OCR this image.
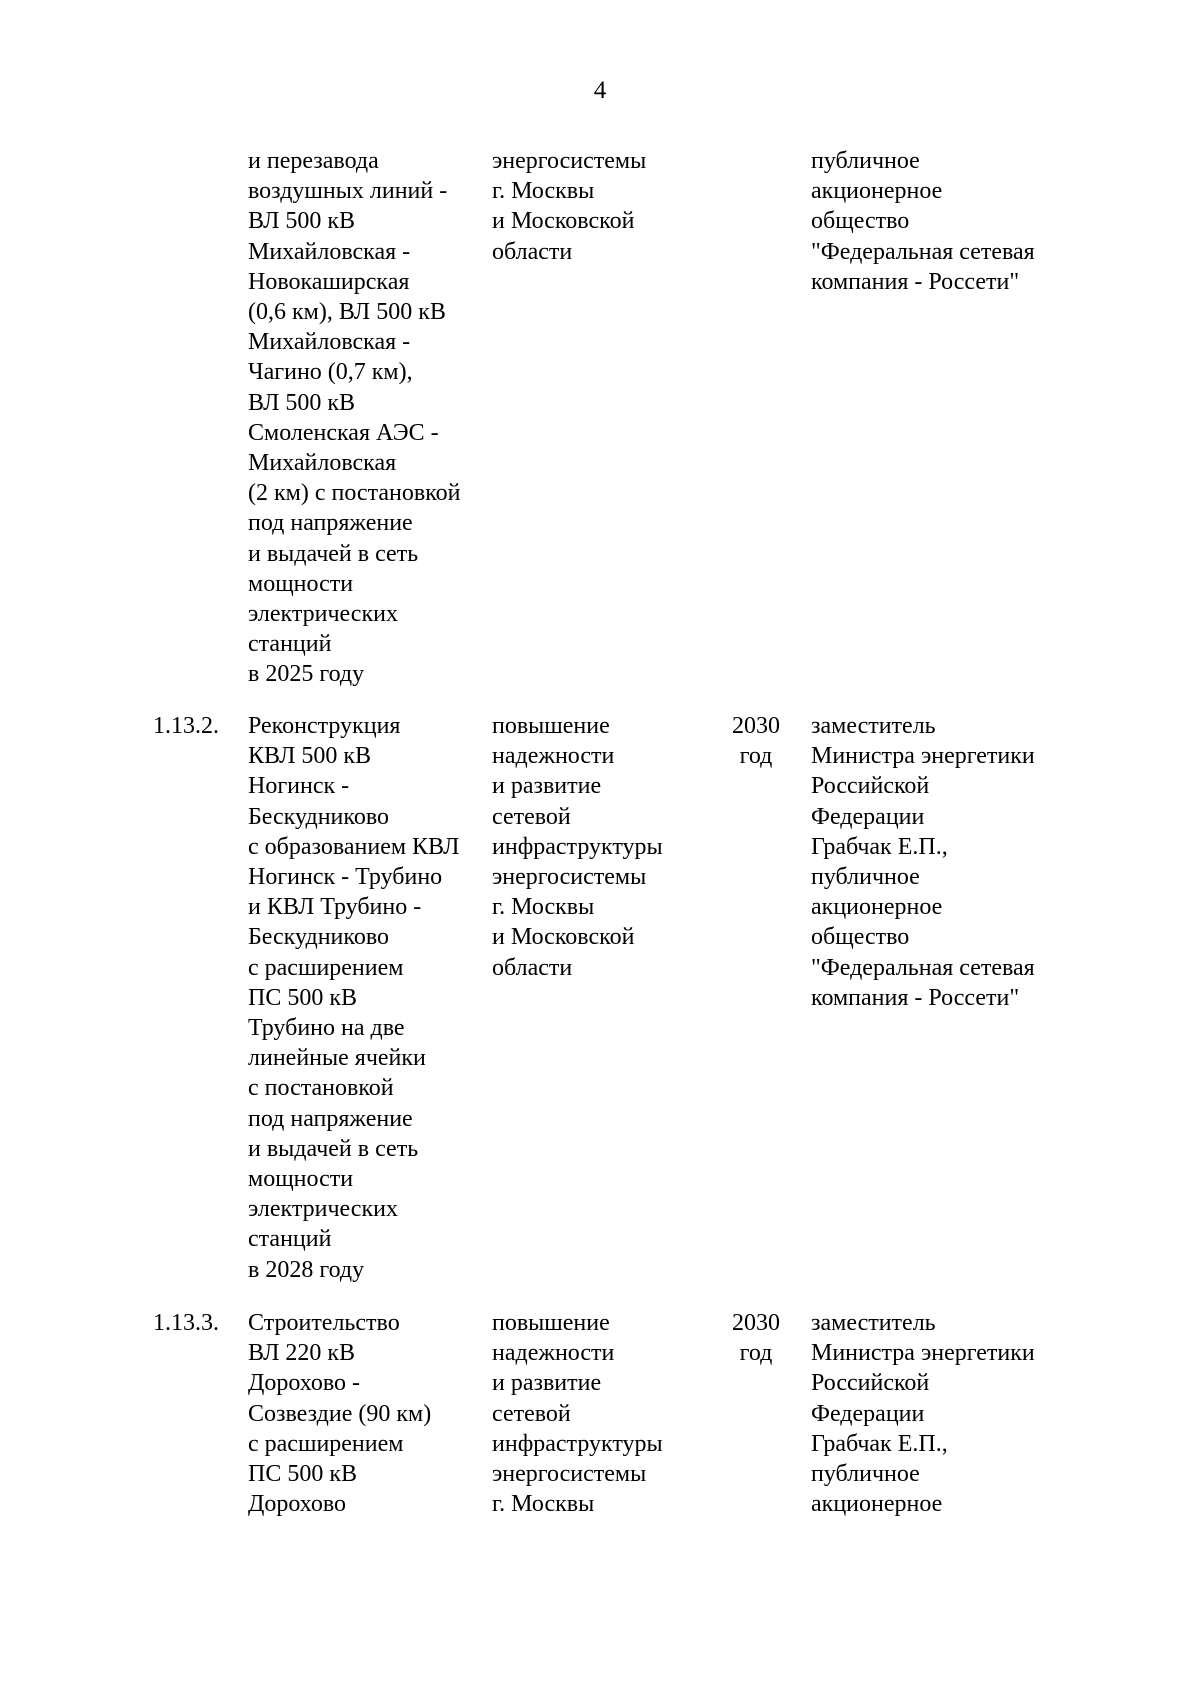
4
и перезавода
воздушных линий -
ВЛ 500 кВ
Михайловская -
Новокаширская
(0,6 км), ВЛ 500 кВ
Михайловская -
Чагино (0,7 км),
ВЛ 500 кВ
Смоленская АЭС -
Михайловская
(2 км) с постановкой
под напряжение
и выдачей в сеть
мощности
электрических
станций
в 2025 году
энергосистемы
г. Москвы
и Московской
области
публичное
акционерное
общество
"Федеральная сетевая
компания - Россети"
1.13.2.	Реконструкция
КВЛ 500 кВ
Ногинск -
Бескудниково
с образованием КВЛ
Ногинск - Трубино
и КВЛ Трубино -
Бескудниково
с расширением
ПС 500 кВ
Трубино на две
линейные ячейки
с постановкой
под напряжение
и выдачей в сеть
мощности
электрических
станций
в 2028 году
повышение
надежности
и развитие
сетевой
инфраструктуры
энергосистемы
г. Москвы
и Московской
области
2030
год
заместитель
Министра энергетики
Российской
Федерации
Грабчак Е.П.,
публичное
акционерное
общество
"Федеральная сетевая
компания - Россети"
1.13.3.	Строительство
ВЛ 220 кВ
Дорохово -
Созвездие (90 км)
с расширением
ПС 500 кВ
Дорохово
повышение
надежности
и развитие
сетевой
инфраструктуры
энергосистемы
г. Москвы
2030
год
заместитель
Министра энергетики
Российской
Федерации
Грабчак Е.П.,
публичное
акционерное
